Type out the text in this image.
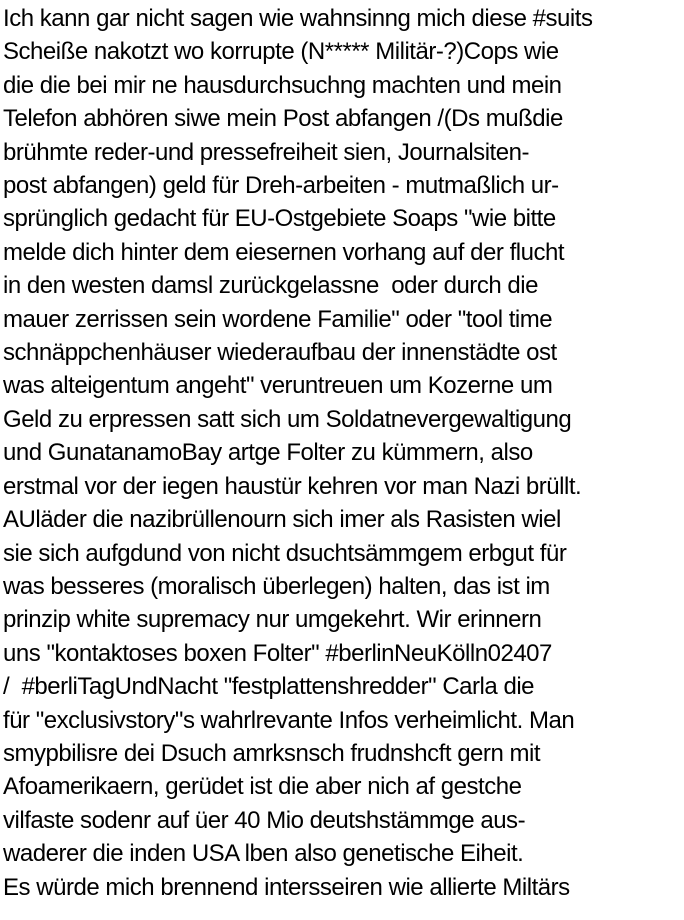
Ich kann gar nicht sagen wie wahnsinng mich diese #suits
Scheiße nakotzt wo korrupte (N***** Militär-?)Cops wie
die die bei mir ne hausdurchsuchng machten und mein
Telefon abhören siwe mein Post abfangen /(Ds mußdie
brühmte reder-und pressefreiheit sien, Journalsiten-
post abfangen) geld für Dreh-arbeiten - mutmaßlich ur-
sprünglich gedacht für EU-Ostgebiete Soaps "wie bitte
melde dich hinter dem eiesernen vorhang auf der flucht
in den westen damsl zurückgelassne  oder durch die
mauer zerrissen sein wordene Familie" oder "tool time
schnäppchenhäuser wiederaufbau der innenstädte ost
was alteigentum angeht" veruntreuen um Kozerne um
Geld zu erpressen satt sich um Soldatnevergewaltigung
und GunatanamoBay artge Folter zu kümmern, also
erstmal vor der iegen haustür kehren vor man Nazi brüllt.
AUläder die nazibrüllenourn sich imer als Rasisten wiel
sie sich aufgdund von nicht dsuchtsämmgem erbgut für
was besseres (moralisch überlegen) halten, das ist im
prinzip white supremacy nur umgekehrt. Wir erinnern
uns "kontaktoses boxen Folter" #berlinNeuKölln02407
/  #berliTagUndNacht "festplattenshredder" Carla die
für "exclusivstory"s wahrlrevante Infos verheimlicht. Man
smypbilisre dei Dsuch amrksnsch frudnshcft gern mit
Afoamerikaern, gerüdet ist die aber nich af gestche
vilfaste sodenr auf üer 40 Mio deutshstämmge aus-
waderer die inden USA lben also genetische Eiheit.
Es würde mich brennend intersseiren wie allierte Miltärs
